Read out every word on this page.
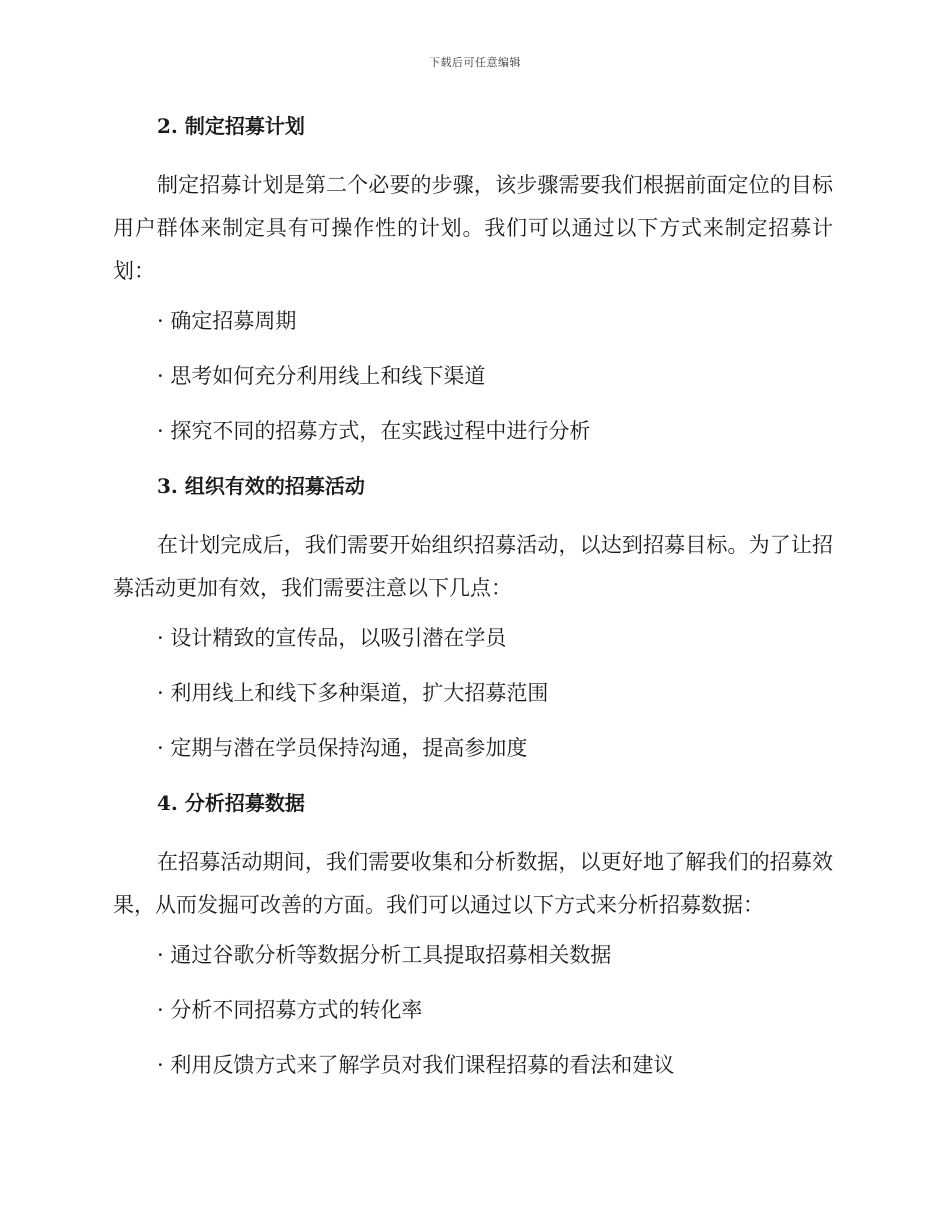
下载后可任意编辑
2. 制定招募计划

制定招募计划是第二个必要的步骤，该步骤需要我们根据前面定位的目标用户群体来制定具有可操作性的计划。我们可以通过以下方式来制定招募计划：

· 确定招募周期
· 思考如何充分利用线上和线下渠道
· 探究不同的招募方式，在实践过程中进行分析
3. 组织有效的招募活动

在计划完成后，我们需要开始组织招募活动，以达到招募目标。为了让招募活动更加有效，我们需要注意以下几点：

· 设计精致的宣传品，以吸引潜在学员
· 利用线上和线下多种渠道，扩大招募范围
· 定期与潜在学员保持沟通，提高参加度
4. 分析招募数据

在招募活动期间，我们需要收集和分析数据，以更好地了解我们的招募效果，从而发掘可改善的方面。我们可以通过以下方式来分析招募数据：

· 通过谷歌分析等数据分析工具提取招募相关数据
· 分析不同招募方式的转化率
· 利用反馈方式来了解学员对我们课程招募的看法和建议
